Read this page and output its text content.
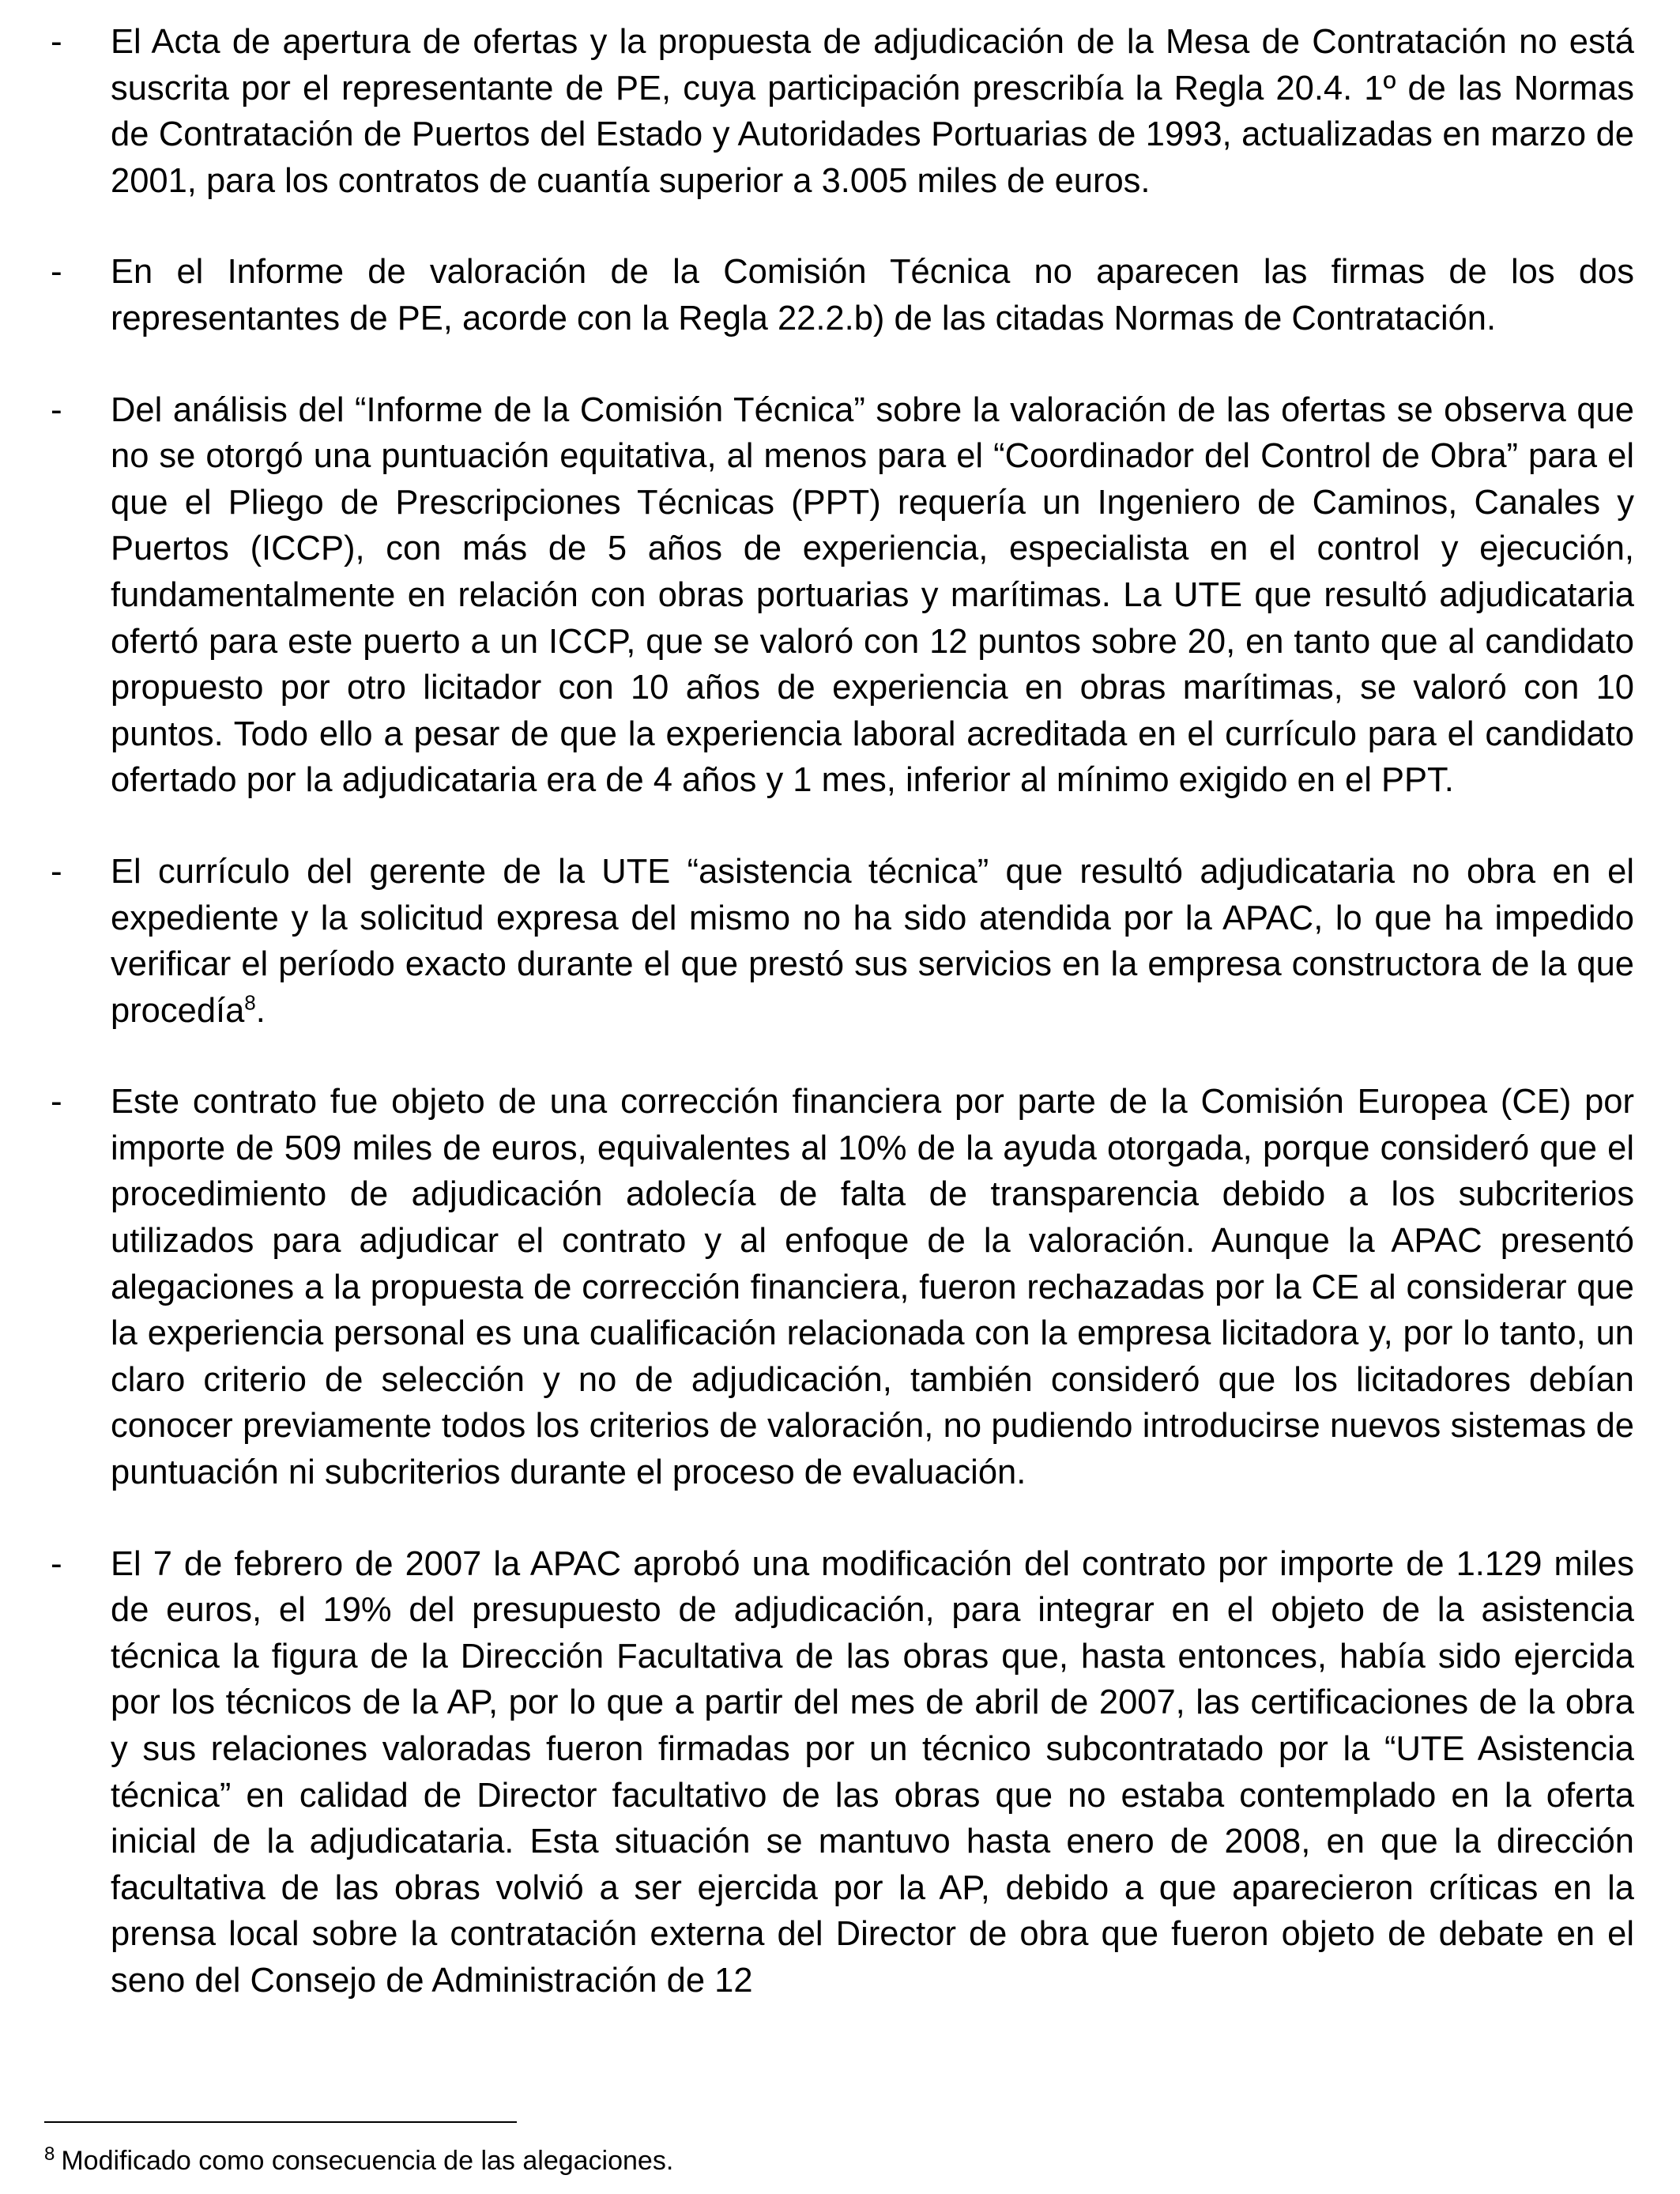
- El Acta de apertura de ofertas y la propuesta de adjudicación de la Mesa de Contratación no está suscrita por el representante de PE, cuya participación prescribía la Regla 20.4. 1º de las Normas de Contratación de Puertos del Estado y Autoridades Portuarias de 1993, actualizadas en marzo de 2001, para los contratos de cuantía superior a 3.005 miles de euros.
- En el Informe de valoración de la Comisión Técnica no aparecen las firmas de los dos representantes de PE, acorde con la Regla 22.2.b) de las citadas Normas de Contratación.
- Del análisis del “Informe de la Comisión Técnica” sobre la valoración de las ofertas se observa que no se otorgó una puntuación equitativa, al menos para el “Coordinador del Control de Obra” para el que el Pliego de Prescripciones Técnicas (PPT) requería un Ingeniero de Caminos, Canales y Puertos (ICCP), con más de 5 años de experiencia, especialista en el control y ejecución, fundamentalmente en relación con obras portuarias y marítimas. La UTE que resultó adjudicataria ofertó para este puerto a un ICCP, que se valoró con 12 puntos sobre 20, en tanto que al candidato propuesto por otro licitador con 10 años de experiencia en obras marítimas, se valoró con 10 puntos. Todo ello a pesar de que la experiencia laboral acreditada en el currículo para el candidato ofertado por la adjudicataria era de 4 años y 1 mes, inferior al mínimo exigido en el PPT.
- El currículo del gerente de la UTE “asistencia técnica” que resultó adjudicataria no obra en el expediente y la solicitud expresa del mismo no ha sido atendida por la APAC, lo que ha impedido verificar el período exacto durante el que prestó sus servicios en la empresa constructora de la que procedía$^8$.
- Este contrato fue objeto de una corrección financiera por parte de la Comisión Europea (CE) por importe de 509 miles de euros, equivalentes al 10% de la ayuda otorgada, porque consideró que el procedimiento de adjudicación adolecía de falta de transparencia debido a los subcriterios utilizados para adjudicar el contrato y al enfoque de la valoración. Aunque la APAC presentó alegaciones a la propuesta de corrección financiera, fueron rechazadas por la CE al considerar que la experiencia personal es una cualificación relacionada con la empresa licitadora y, por lo tanto, un claro criterio de selección y no de adjudicación, también consideró que los licitadores debían conocer previamente todos los criterios de valoración, no pudiendo introducirse nuevos sistemas de puntuación ni subcriterios durante el proceso de evaluación.
- El 7 de febrero de 2007 la APAC aprobó una modificación del contrato por importe de 1.129 miles de euros, el 19% del presupuesto de adjudicación, para integrar en el objeto de la asistencia técnica la figura de la Dirección Facultativa de las obras que, hasta entonces, había sido ejercida por los técnicos de la AP, por lo que a partir del mes de abril de 2007, las certificaciones de la obra y sus relaciones valoradas fueron firmadas por un técnico subcontratado por la “UTE Asistencia técnica” en calidad de Director facultativo de las obras que no estaba contemplado en la oferta inicial de la adjudicataria. Esta situación se mantuvo hasta enero de 2008, en que la dirección facultativa de las obras volvió a ser ejercida por la AP, debido a que aparecieron críticas en la prensa local sobre la contratación externa del Director de obra que fueron objeto de debate en el seno del Consejo de Administración de 12
$^8$ Modificado como consecuencia de las alegaciones.
